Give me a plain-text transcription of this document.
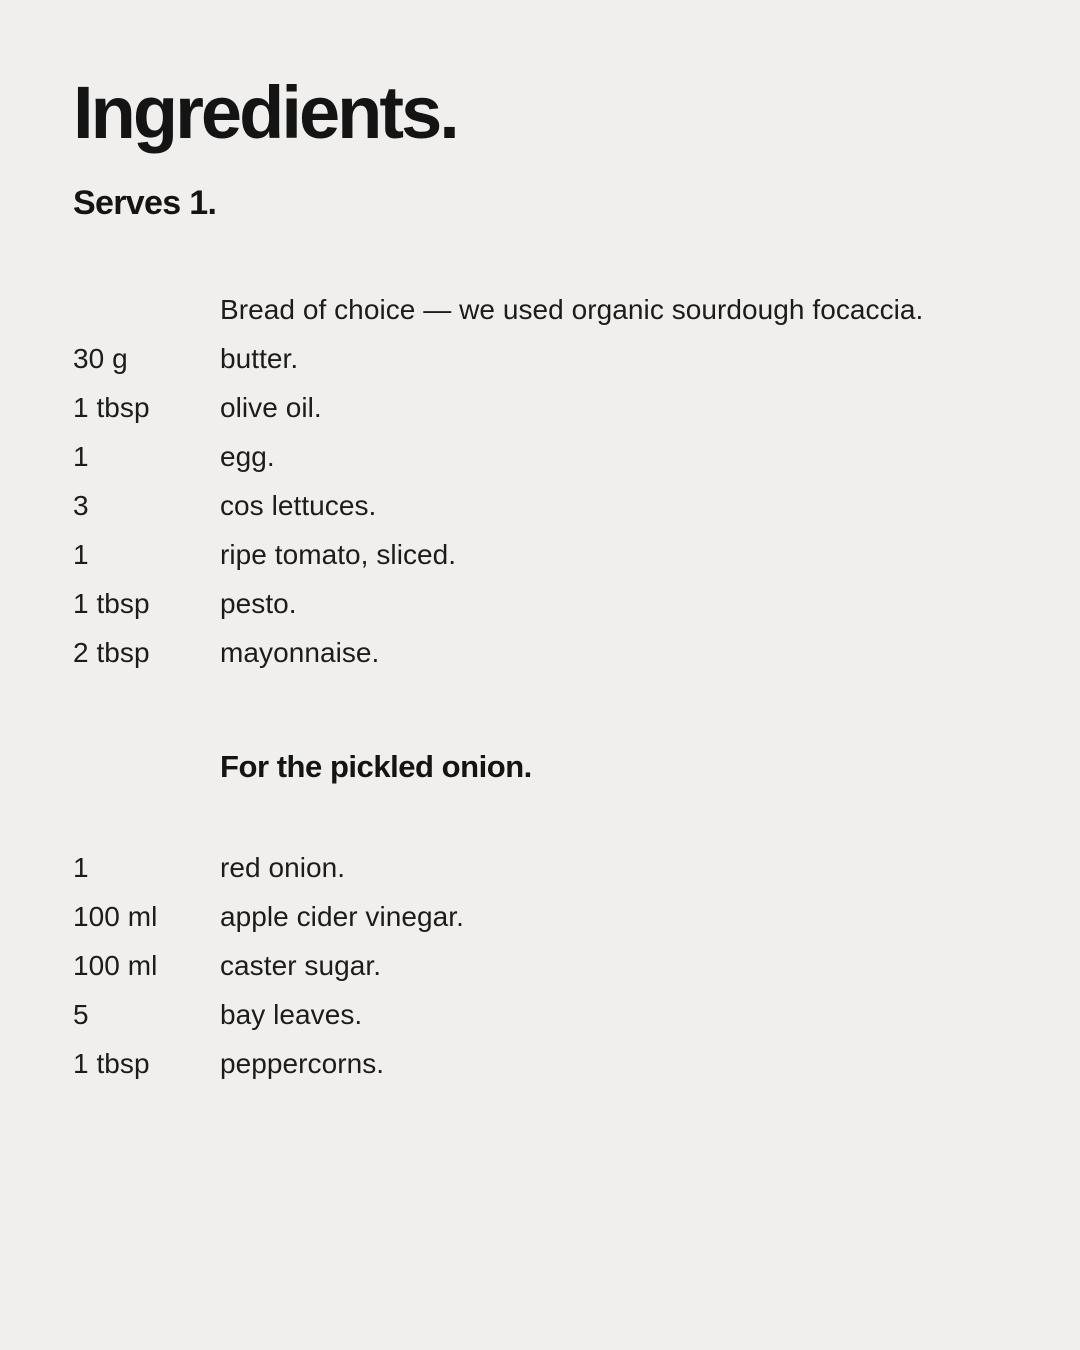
Ingredients.
Serves 1.
Bread of choice — we used organic sourdough focaccia.
30 g	butter.
1 tbsp	olive oil.
1	egg.
3	cos lettuces.
1	ripe tomato, sliced.
1 tbsp	pesto.
2 tbsp	mayonnaise.
For the pickled onion.
1	red onion.
100 ml	apple cider vinegar.
100 ml	caster sugar.
5	bay leaves.
1 tbsp	peppercorns.
